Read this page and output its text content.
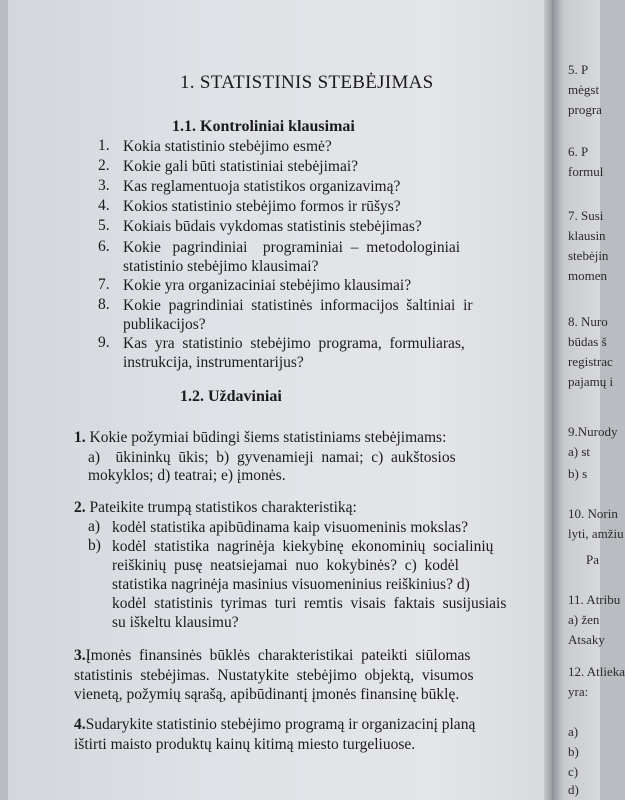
1. STATISTINIS STEBĖJIMAS
1.1. Kontroliniai klausimai
1. Kokia statistinio stebėjimo esmė?
2. Kokie gali būti statistiniai stebėjimai?
3. Kas reglamentuoja statistikos organizavimą?
4. Kokios statistinio stebėjimo formos ir rūšys?
5. Kokiais būdais vykdomas statistinis stebėjimas?
6. Kokie   pagrindiniai    programiniai  –  metodologiniai
statistinio stebėjimo klausimai?
7. Kokie yra organizaciniai stebėjimo klausimai?
8. Kokie  pagrindiniai  statistinės  informacijos  šaltiniai  ir
publikacijos?
9. Kas  yra  statistinio  stebėjimo  programa,  formuliaras,
instrukcija, instrumentarijus?
1.2. Uždaviniai
1. Kokie požymiai būdingi šiems statistiniams stebėjimams:
a)    ūkininkų  ūkis;  b)  gyvenamieji  namai;  c)  aukštosios
mokyklos; d) teatrai; e) įmonės.
2. Pateikite trumpą statistikos charakteristiką:
a) kodėl statistika apibūdinama kaip visuomeninis mokslas?
b) kodėl  statistika  nagrinėja  kiekybinę  ekonominių  socialinių
reiškinių  pusę  neatsiejamai  nuo  kokybinės?  c)  kodėl
statistika nagrinėja masinius visuomeninius reiškinius? d)
kodėl  statistinis  tyrimas  turi  remtis  visais  faktais  susijusiais
su iškeltu klausimu?
3.Įmonės  finansinės  būklės  charakteristikai  pateikti  siūlomas
statistinis  stebėjimas.  Nustatykite  stebėjimo  objektą,  visumos
vienetą, požymių sąrašą, apibūdinantį įmonės finansinę būklę.
4.Sudarykite statistinio stebėjimo programą ir organizacinį planą
ištirti maisto produktų kainų kitimą miesto turgeliuose.
5. P
mėgst
progra
6. P
formul
7. Susi
klausin
stebėjin
momen
8. Nuro
būdas š
registrac
pajamų i
9.Nurody
a) st
b) s
10. Norin
lyti, amžiu
Pa
11. Atribu
a) žen
Atsaky
12. Atlieka
yra:
a)
b)
c)
d)
